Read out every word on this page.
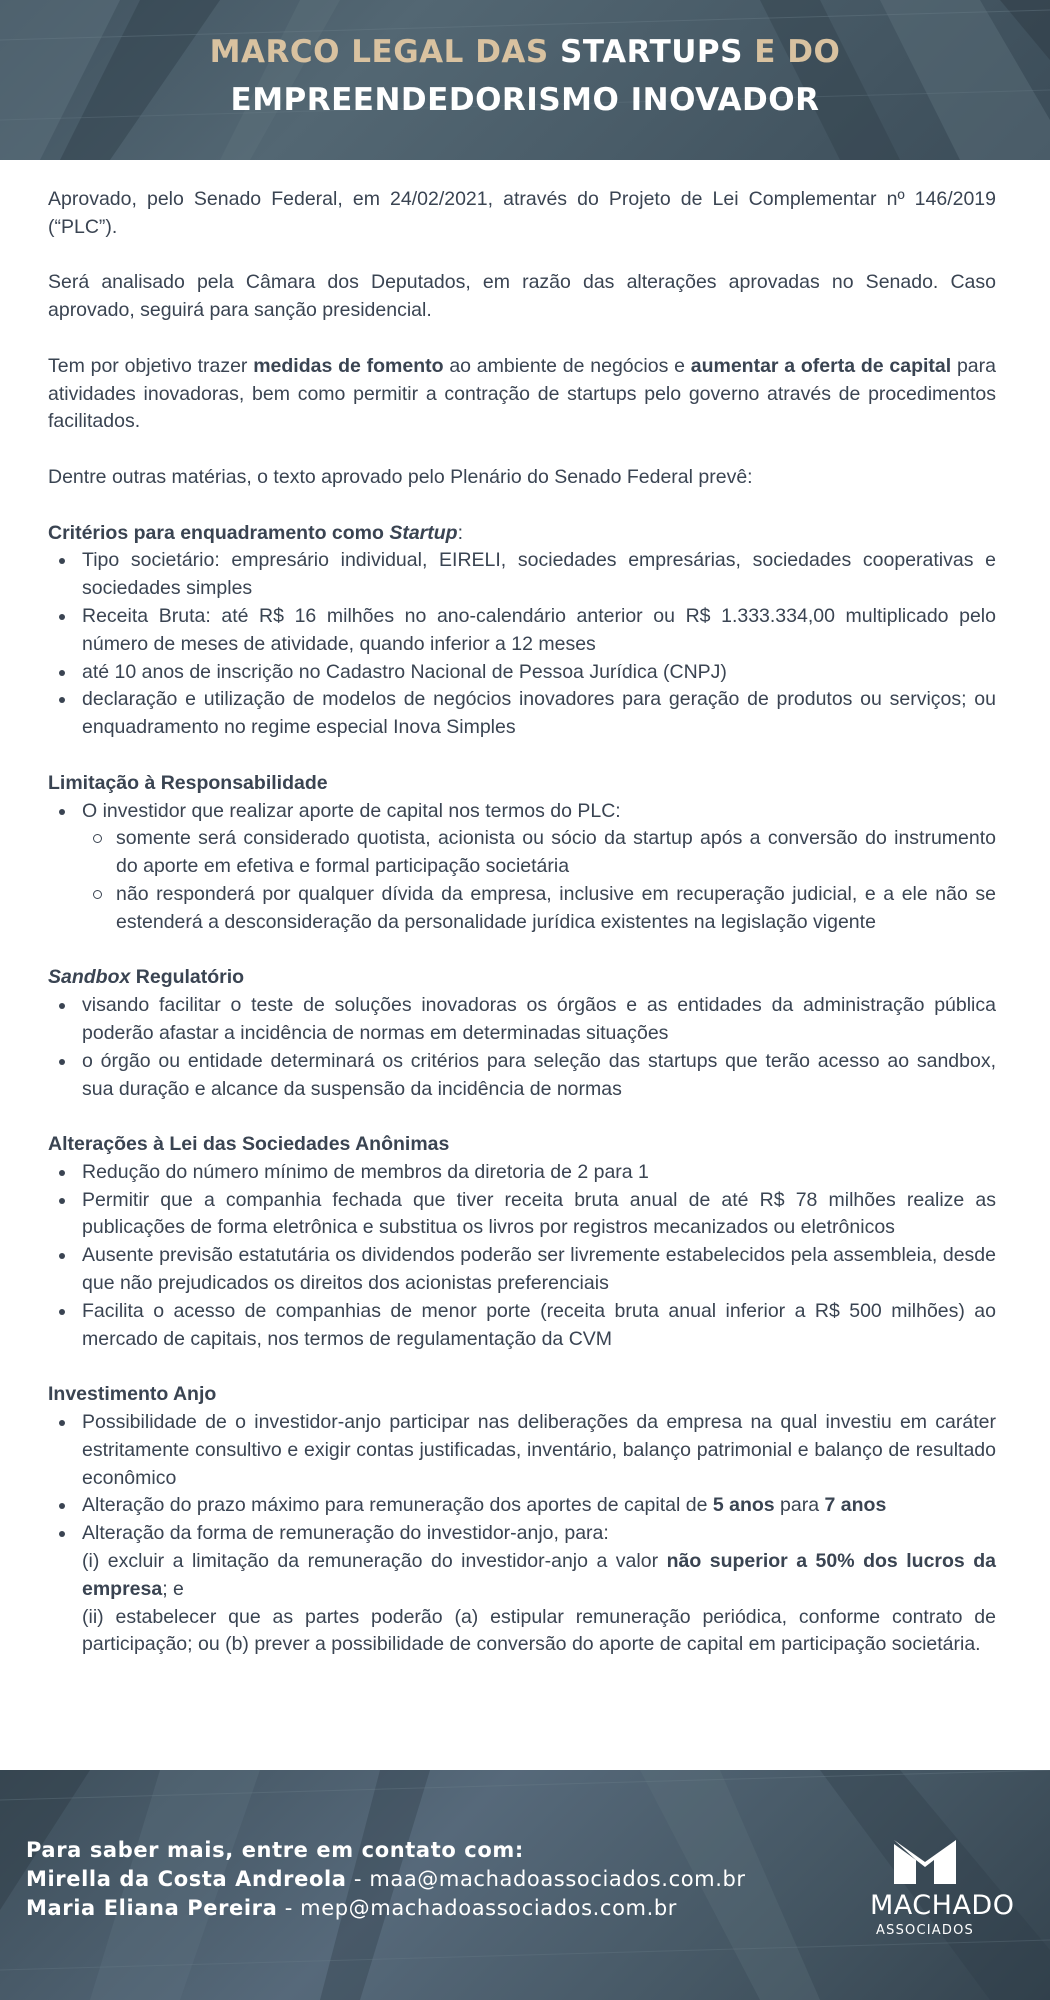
MARCO LEGAL DAS STARTUPS E DO
EMPREENDEDORISMO INOVADOR

Aprovado, pelo Senado Federal, em 24/02/2021, através do Projeto de Lei Complementar nº 146/2019 (“PLC”).

Será analisado pela Câmara dos Deputados, em razão das alterações aprovadas no Senado. Caso aprovado, seguirá para sanção presidencial.

Tem por objetivo trazer medidas de fomento ao ambiente de negócios e aumentar a oferta de capital para atividades inovadoras, bem como permitir a contração de startups pelo governo através de procedimentos facilitados.

Dentre outras matérias, o texto aprovado pelo Plenário do Senado Federal prevê:

Critérios para enquadramento como Startup:
Tipo societário: empresário individual, EIRELI, sociedades empresárias, sociedades cooperativas e sociedades simples
Receita Bruta: até R$ 16 milhões no ano-calendário anterior ou R$ 1.333.334,00 multiplicado pelo número de meses de atividade, quando inferior a 12 meses
até 10 anos de inscrição no Cadastro Nacional de Pessoa Jurídica (CNPJ)
declaração e utilização de modelos de negócios inovadores para geração de produtos ou serviços; ou enquadramento no regime especial Inova Simples
Limitação à Responsabilidade
O investidor que realizar aporte de capital nos termos do PLC:
somente será considerado quotista, acionista ou sócio da startup após a conversão do instrumento do aporte em efetiva e formal participação societária
não responderá por qualquer dívida da empresa, inclusive em recuperação judicial, e a ele não se estenderá a desconsideração da personalidade jurídica existentes na legislação vigente
Sandbox Regulatório
visando facilitar o teste de soluções inovadoras os órgãos e as entidades da administração pública poderão afastar a incidência de normas em determinadas situações
o órgão ou entidade determinará os critérios para seleção das startups que terão acesso ao sandbox, sua duração e alcance da suspensão da incidência de normas
Alterações à Lei das Sociedades Anônimas
Redução do número mínimo de membros da diretoria de 2 para 1
Permitir que a companhia fechada que tiver receita bruta anual de até R$ 78 milhões realize as publicações de forma eletrônica e substitua os livros por registros mecanizados ou eletrônicos
Ausente previsão estatutária os dividendos poderão ser livremente estabelecidos pela assembleia, desde que não prejudicados os direitos dos acionistas preferenciais
Facilita o acesso de companhias de menor porte (receita bruta anual inferior a R$ 500 milhões) ao mercado de capitais, nos termos de regulamentação da CVM
Investimento Anjo
Possibilidade de o investidor-anjo participar nas deliberações da empresa na qual investiu em caráter estritamente consultivo e exigir contas justificadas, inventário, balanço patrimonial e balanço de resultado econômico
Alteração do prazo máximo para remuneração dos aportes de capital de 5 anos para 7 anos
Alteração da forma de remuneração do investidor-anjo, para:
(i) excluir a limitação da remuneração do investidor-anjo a valor não superior a 50% dos lucros da empresa; e
(ii) estabelecer que as partes poderão (a) estipular remuneração periódica, conforme contrato de participação; ou (b) prever a possibilidade de conversão do aporte de capital em participação societária.
Para saber mais, entre em contato com:
Mirella da Costa Andreola - maa@machadoassociados.com.br
Maria Eliana Pereira - mep@machadoassociados.com.br	MACHADO
ASSOCIADOS
